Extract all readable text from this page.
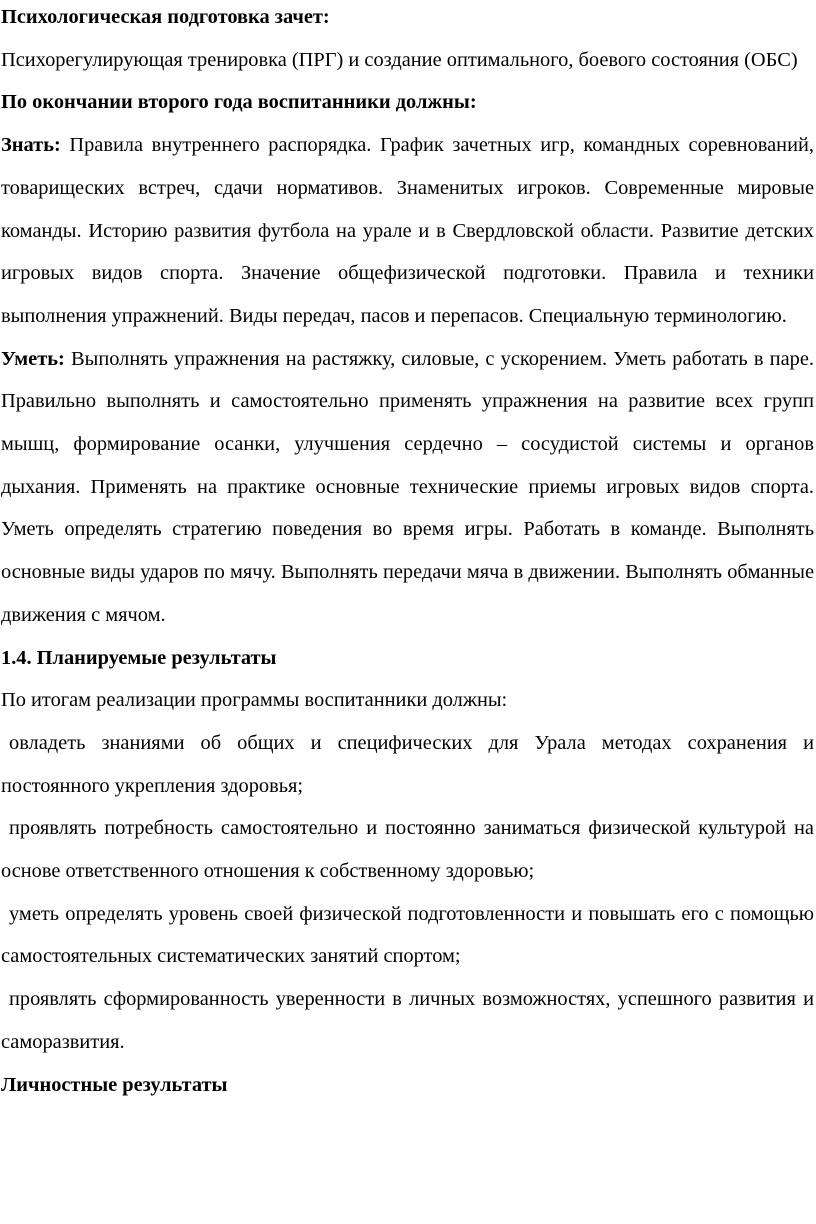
Психологическая подготовка зачет:

Психорегулирующая тренировка (ПРГ) и создание оптимального, боевого состояния (ОБС)

По окончании второго года воспитанники должны:

Знать: Правила внутреннего распорядка. График зачетных игр, командных соревнований, товарищеских встреч, сдачи нормативов. Знаменитых игроков. Современные мировые команды. Историю развития футбола на урале и в Свердловской области. Развитие детских игровых видов спорта. Значение общефизической подготовки. Правила и техники выполнения упражнений. Виды передач, пасов и перепасов. Специальную терминологию.

Уметь: Выполнять упражнения на растяжку, силовые, с ускорением. Уметь работать в паре. Правильно выполнять и самостоятельно применять упражнения на развитие всех групп мышц, формирование осанки, улучшения сердечно – сосудистой системы и органов дыхания. Применять на практике основные технические приемы игровых видов спорта. Уметь определять стратегию поведения во время игры. Работать в команде. Выполнять основные виды ударов по мячу. Выполнять передачи мяча в движении. Выполнять обманные движения с мячом.

1.4. Планируемые результаты

По итогам реализации программы воспитанники должны:

овладеть знаниями об общих и специфических для Урала методах сохранения и постоянного укрепления здоровья;

проявлять потребность самостоятельно и постоянно заниматься физической культурой на основе ответственного отношения к собственному здоровью;

уметь определять уровень своей физической подготовленности и повышать его с помощью самостоятельных систематических занятий спортом;

проявлять сформированность уверенности в личных возможностях, успешного развития и саморазвития.

Личностные результаты
